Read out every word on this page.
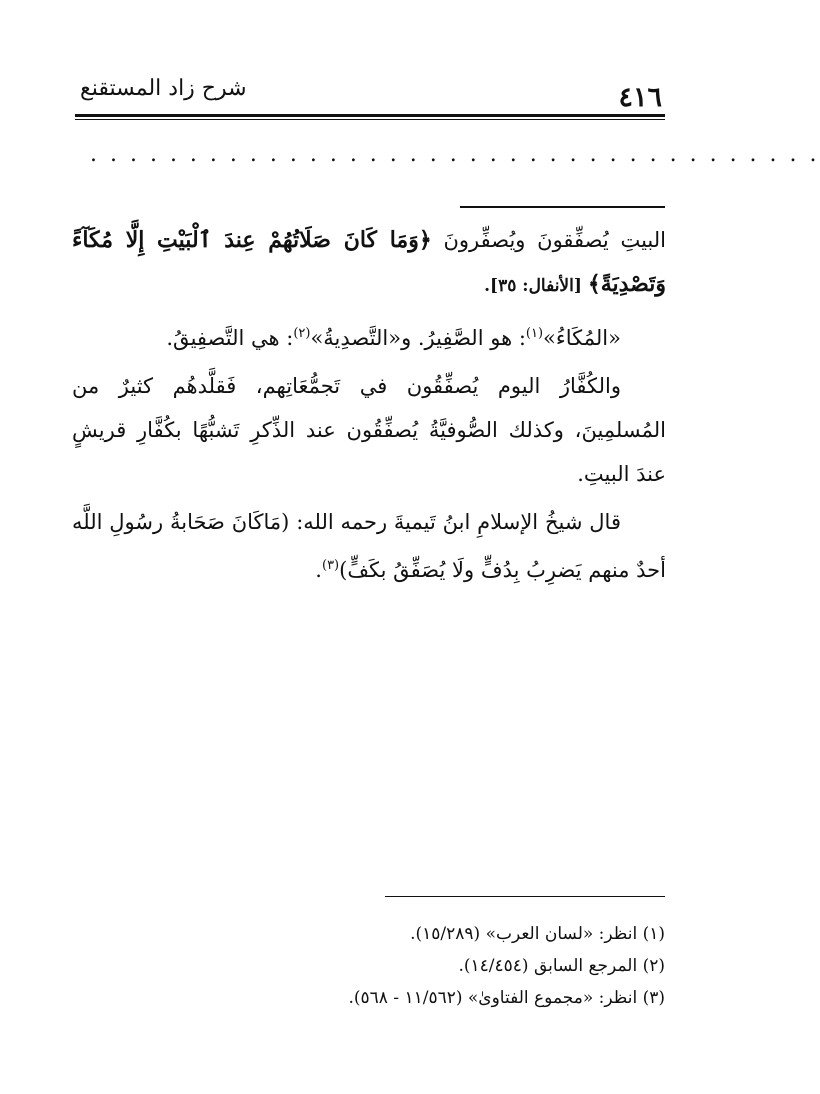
٤١٦
شرح زاد المستقنع
. . . . . . . . . . . . . . . . . . . . . . . . . . . . . . . . . . . . .

البيتِ يُصفِّقونَ ويُصفِّرونَ ﴿وَمَا كَانَ صَلَاتُهُمْ عِندَ ٱلْبَيْتِ إِلَّا مُكَآءً وَتَصْدِيَةً﴾ [الأنفال: ٣٥].

«المُكَاءُ»$^{(١)}$: هو الصَّفِيرُ. و«التَّصدِيةُ»$^{(٢)}$: هي التَّصفِيقُ.

والكُفَّارُ اليوم يُصفِّقُون في تَجمُّعَاتِهم، فَقلَّدهُم كثيرٌ من المُسلمِينَ، وكذلك الصُّوفيَّةُ يُصفِّقُون عند الذِّكرِ تَشبُّهًا بكُفَّارِ قريشٍ عندَ البيتِ.

قال شيخُ الإسلامِ ابنُ تَيميةَ رحمه الله: (مَاكَانَ صَحَابةُ رسُولِ اللَّه أحدٌ منهم يَضرِبُ بِدُفٍّ ولَا يُصَفِّقُ بكَفٍّ)$^{(٣)}$.

(١) انظر: «لسان العرب» (١٥/٢٨٩).

(٢) المرجع السابق (١٤/٤٥٤).

(٣) انظر: «مجموع الفتاوىٰ» (١١/٥٦٢ - ٥٦٨).
